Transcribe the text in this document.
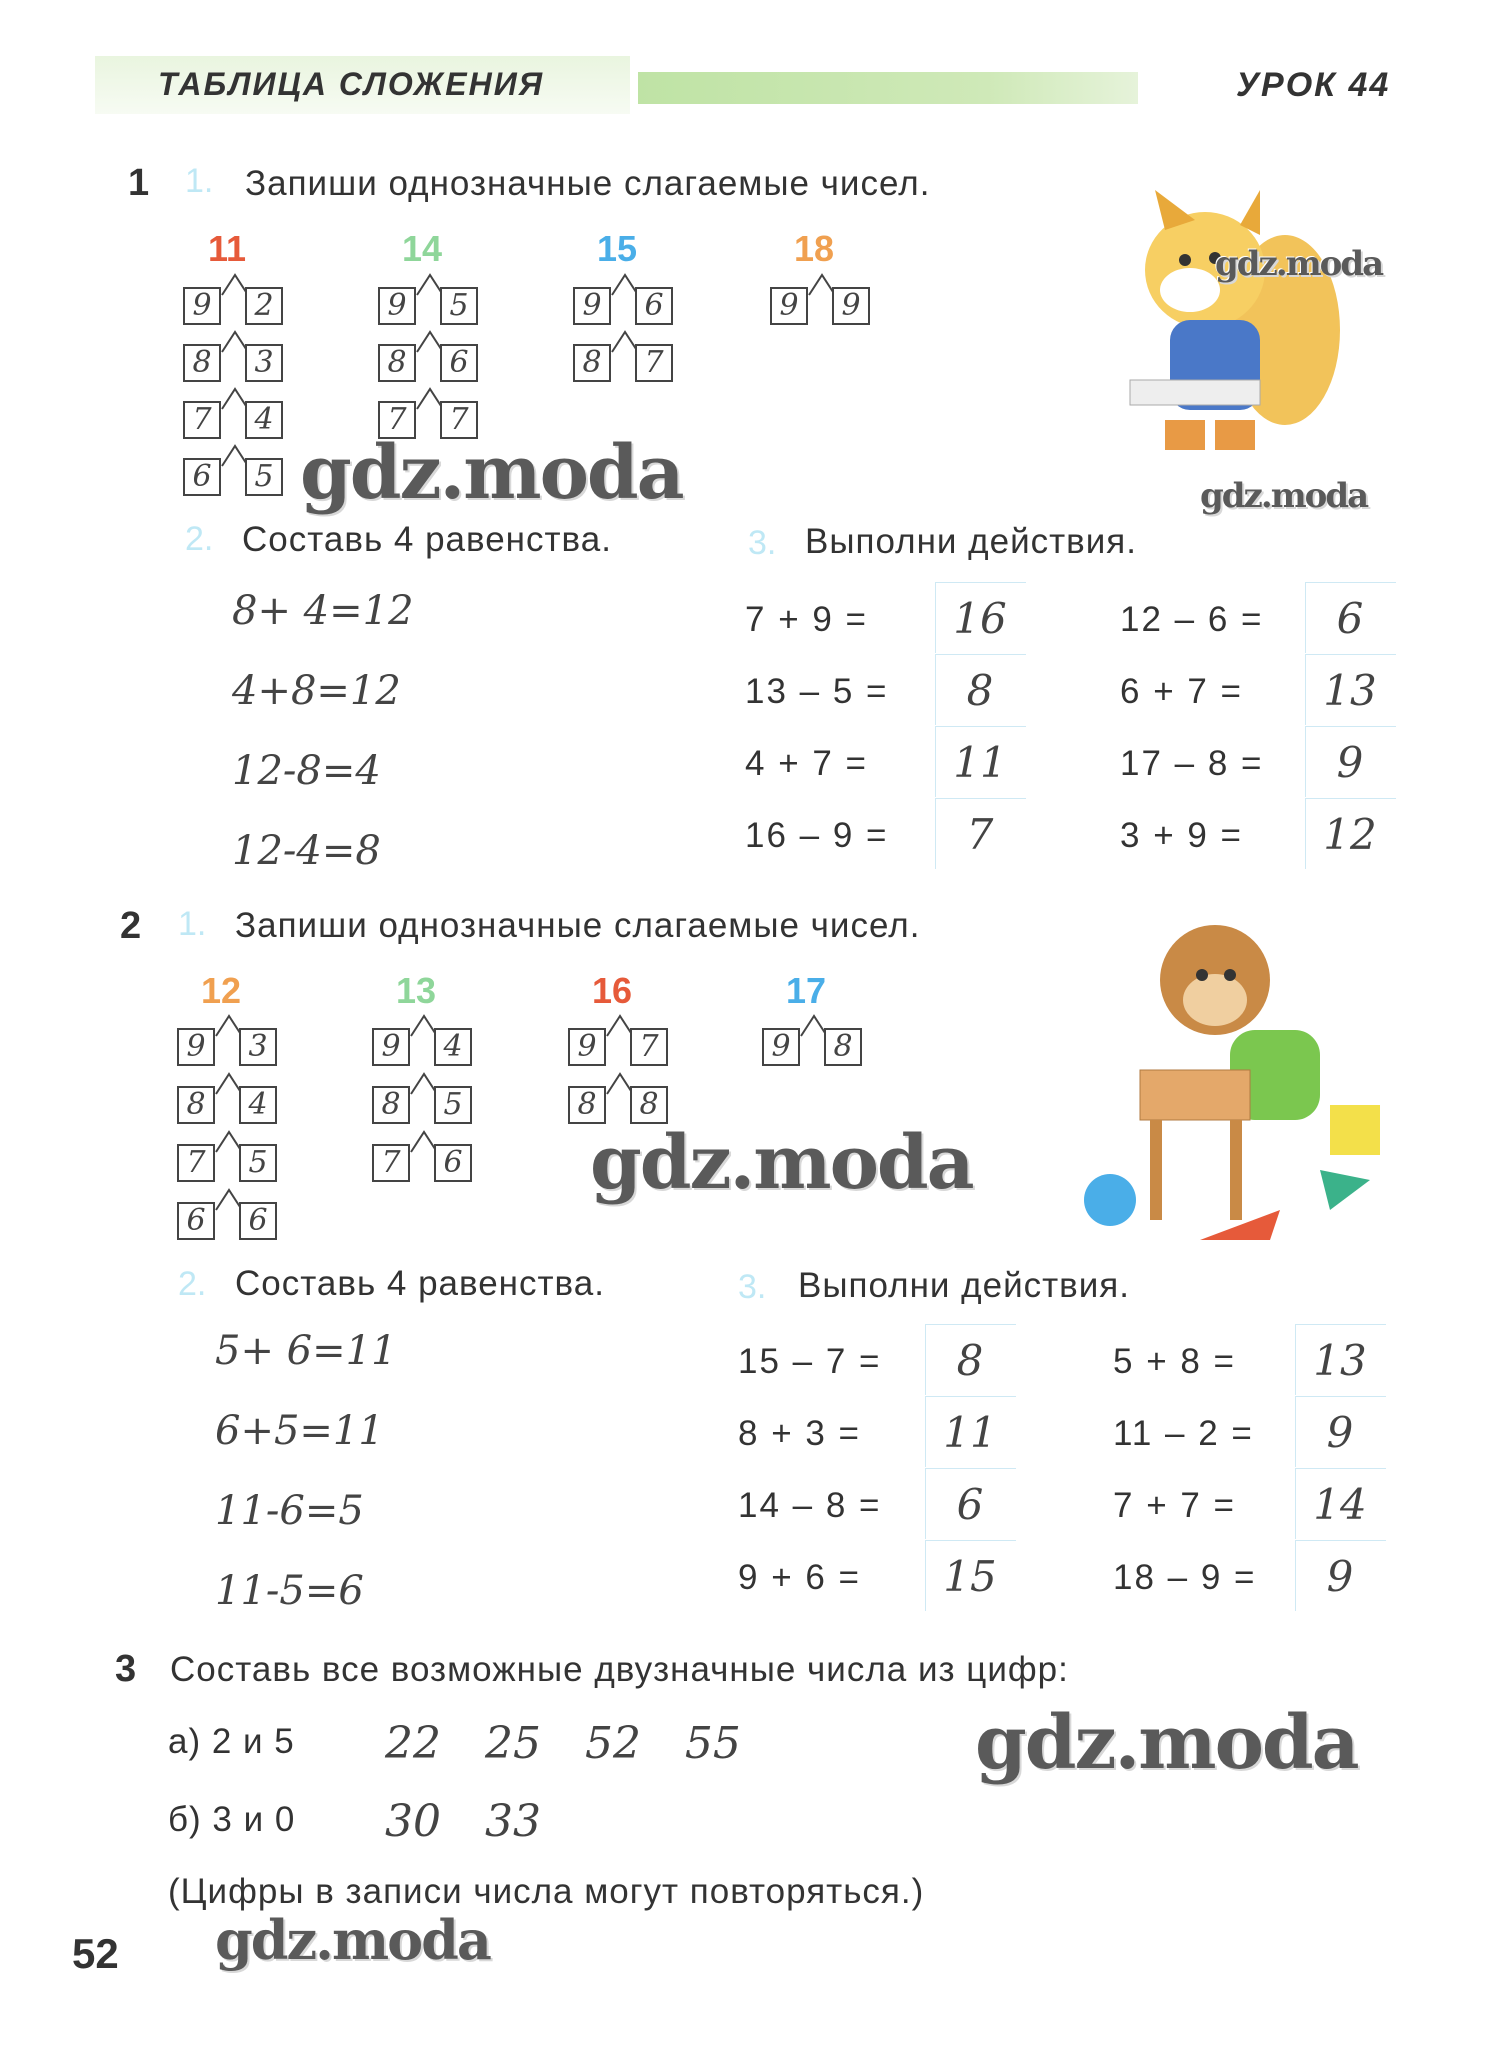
ТАБЛИЦА СЛОЖЕНИЯ	УРОК 44
1 1. Запиши однозначные слагаемые чисел.
11
9	2
8	3
7	4
6	5
14
9	5
8	6
7	7
15
9	6
8	7
18
9	9
2. Составь 4 равенства.	3. Выполни действия.
8+ 4=12
4+8=12
12-8=4
12-4=8
7 + 9 =	16
13 – 5 =	8
4 + 7 =	11
16 – 9 =	7
12 – 6 =	6
6 + 7 =	13
17 – 8 =	9
3 + 9 =	12
2 1. Запиши однозначные слагаемые чисел.
12
9	3
8	4
7	5
6	6
13
9	4
8	5
7	6
16
9	7
8	8
17
9	8
2. Составь 4 равенства.	3. Выполни действия.
5+ 6=11
6+5=11
11-6=5
11-5=6
15 – 7 =	8
8 + 3 =	11
14 – 8 =	6
9 + 6 =	15
5 + 8 =	13
11 – 2 =	9
7 + 7 =	14
18 – 9 =	9
3 Составь все возможные двузначные числа из цифр:
а) 2 и 5 22 25 52 55
б) 3 и 0 30 33
(Цифры в записи числа могут повторяться.)
gdz.moda
gdz.moda	gdz.moda
gdz.moda
gdz.moda
gdz.moda
52
